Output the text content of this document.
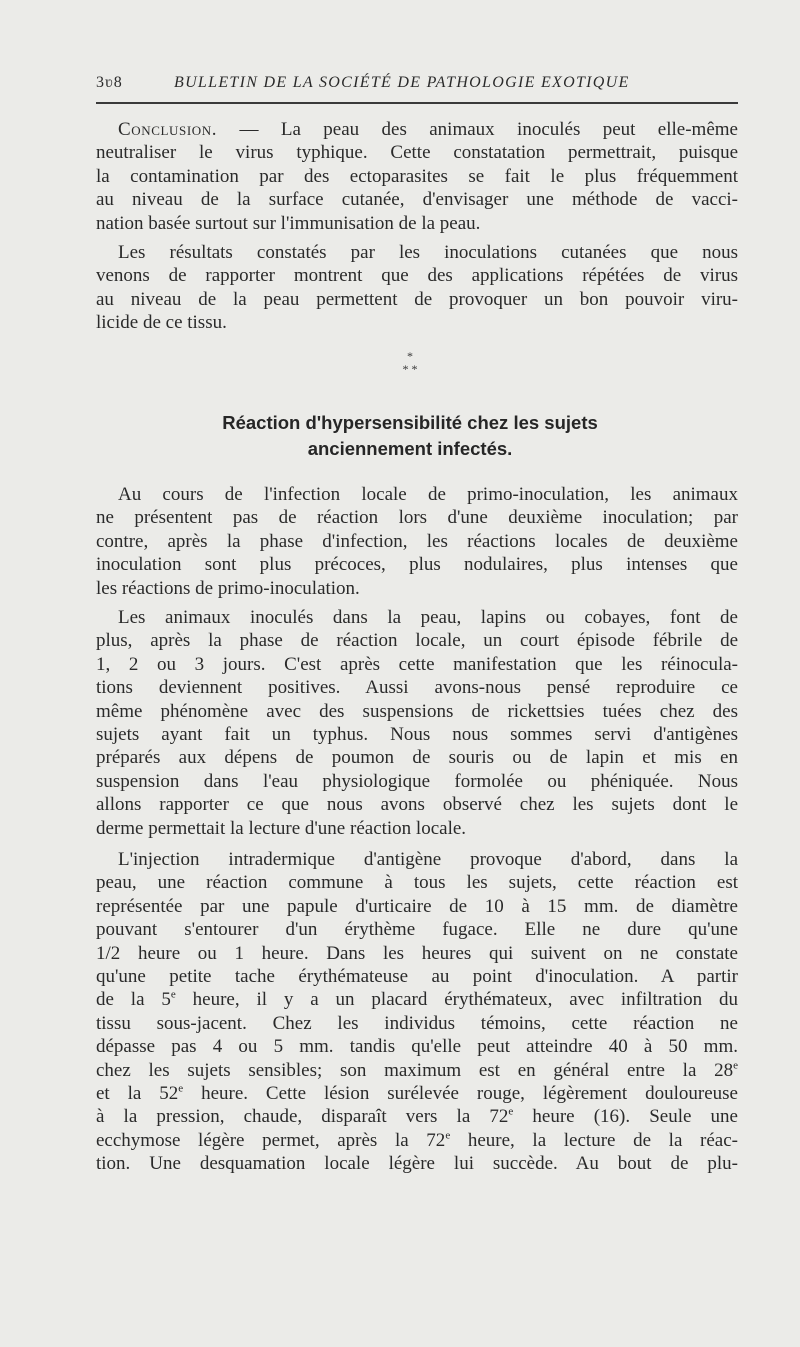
3ʋ8	BULLETIN DE LA SOCIÉTÉ DE PATHOLOGIE EXOTIQUE
Conclusion. — La peau des animaux inoculés peut elle-même
neutraliser le virus typhique. Cette constatation permettrait, puisque
la contamination par des ectoparasites se fait le plus fréquemment
au niveau de la surface cutanée, d'envisager une méthode de vacci-
nation basée surtout sur l'immunisation de la peau.
Les résultats constatés par les inoculations cutanées que nous
venons de rapporter montrent que des applications répétées de virus
au niveau de la peau permettent de provoquer un bon pouvoir viru-
licide de ce tissu.
*
* *
Réaction d'hypersensibilité chez les sujets
anciennement infectés.
Au cours de l'infection locale de primo-inoculation, les animaux
ne présentent pas de réaction lors d'une deuxième inoculation; par
contre, après la phase d'infection, les réactions locales de deuxième
inoculation sont plus précoces, plus nodulaires, plus intenses que
les réactions de primo-inoculation.
Les animaux inoculés dans la peau, lapins ou cobayes, font de
plus, après la phase de réaction locale, un court épisode fébrile de
1, 2 ou 3 jours. C'est après cette manifestation que les réinocula-
tions deviennent positives. Aussi avons-nous pensé reproduire ce
même phénomène avec des suspensions de rickettsies tuées chez des
sujets ayant fait un typhus. Nous nous sommes servi d'antigènes
préparés aux dépens de poumon de souris ou de lapin et mis en
suspension dans l'eau physiologique formolée ou phéniquée. Nous
allons rapporter ce que nous avons observé chez les sujets dont le
derme permettait la lecture d'une réaction locale.
L'injection intradermique d'antigène provoque d'abord, dans la
peau, une réaction commune à tous les sujets, cette réaction est
représentée par une papule d'urticaire de 10 à 15 mm. de diamètre
pouvant s'entourer d'un érythème fugace. Elle ne dure qu'une
1/2 heure ou 1 heure. Dans les heures qui suivent on ne constate
qu'une petite tache érythémateuse au point d'inoculation. A partir
de la 5e heure, il y a un placard érythémateux, avec infiltration du
tissu sous-jacent. Chez les individus témoins, cette réaction ne
dépasse pas 4 ou 5 mm. tandis qu'elle peut atteindre 40 à 50 mm.
chez les sujets sensibles; son maximum est en général entre la 28e
et la 52e heure. Cette lésion surélevée rouge, légèrement douloureuse
à la pression, chaude, disparaît vers la 72e heure (16). Seule une
ecchymose légère permet, après la 72e heure, la lecture de la réac-
tion. Une desquamation locale légère lui succède. Au bout de plu-
